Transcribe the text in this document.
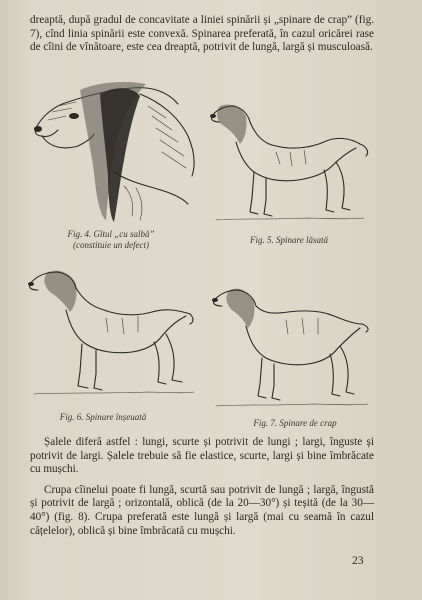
dreaptă, după gradul de concavitate a liniei spinării și „spinare de crap” (fig. 7), cînd linia spinării este convexă. Spinarea preferată, în cazul oricărei rase de cîini de vînătoare, este cea dreaptă, potrivit de lungă, largă și musculoasă.

Fig. 4. Gîtul „cu salbă”
(constituie un defect)	Fig. 5. Spinare lăsată
Fig. 6. Spinare înșeuată
Fig. 7. Spinare de crap

Șalele diferă astfel : lungi, scurte și potrivit de lungi ; largi, înguste și potrivit de largi. Șalele trebuie să fie elastice, scurte, largi și bine îmbrăcate cu mușchi.

Crupa cîinelui poate fi lungă, scurtă sau potrivit de lungă ; largă, îngustă și potrivit de largă ; orizontală, oblică (de la 20—30°) și teșită (de la 30—40°) (fig. 8). Crupa preferată este lungă și largă (mai cu seamă în cazul cățelelor), oblică și bine îmbrăcată cu mușchi.

23
